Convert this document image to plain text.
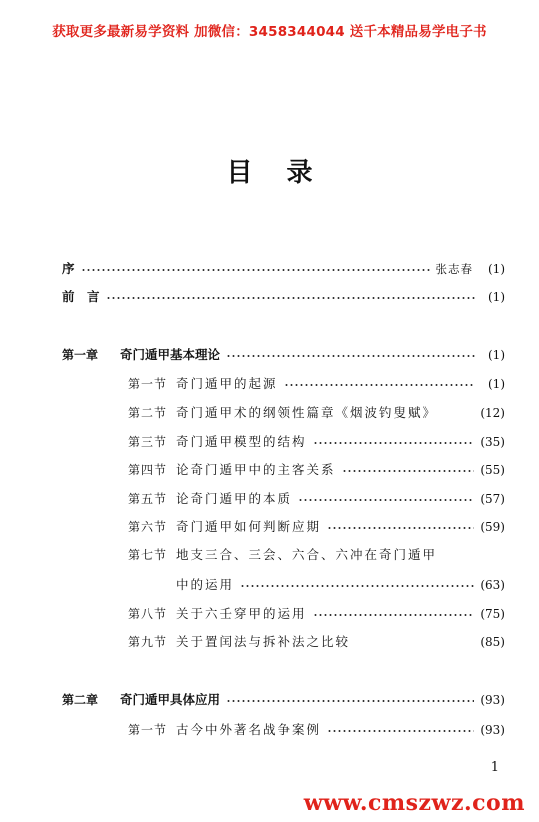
获取更多最新易学资料 加微信：3458344044 送千本精品易学电子书
目录
序	张志春	(1)
前　言	(1)
第一章	奇门遁甲基本理论	(1)
第一节 奇门遁甲的起源	(1)
第二节 奇门遁甲术的纲领性篇章《烟波钓叟赋》	(12)
第三节 奇门遁甲模型的结构	(35)
第四节 论奇门遁甲中的主客关系	(55)
第五节 论奇门遁甲的本质	(57)
第六节 奇门遁甲如何判断应期	(59)
第七节 地支三合、三会、六合、六冲在奇门遁甲
中的运用	(63)
第八节 关于六壬穿甲的运用	(75)
第九节 关于置闰法与拆补法之比较	(85)
第二章	奇门遁甲具体应用	(93)
第一节 古今中外著名战争案例	(93)
1
www.cmszwz.com
